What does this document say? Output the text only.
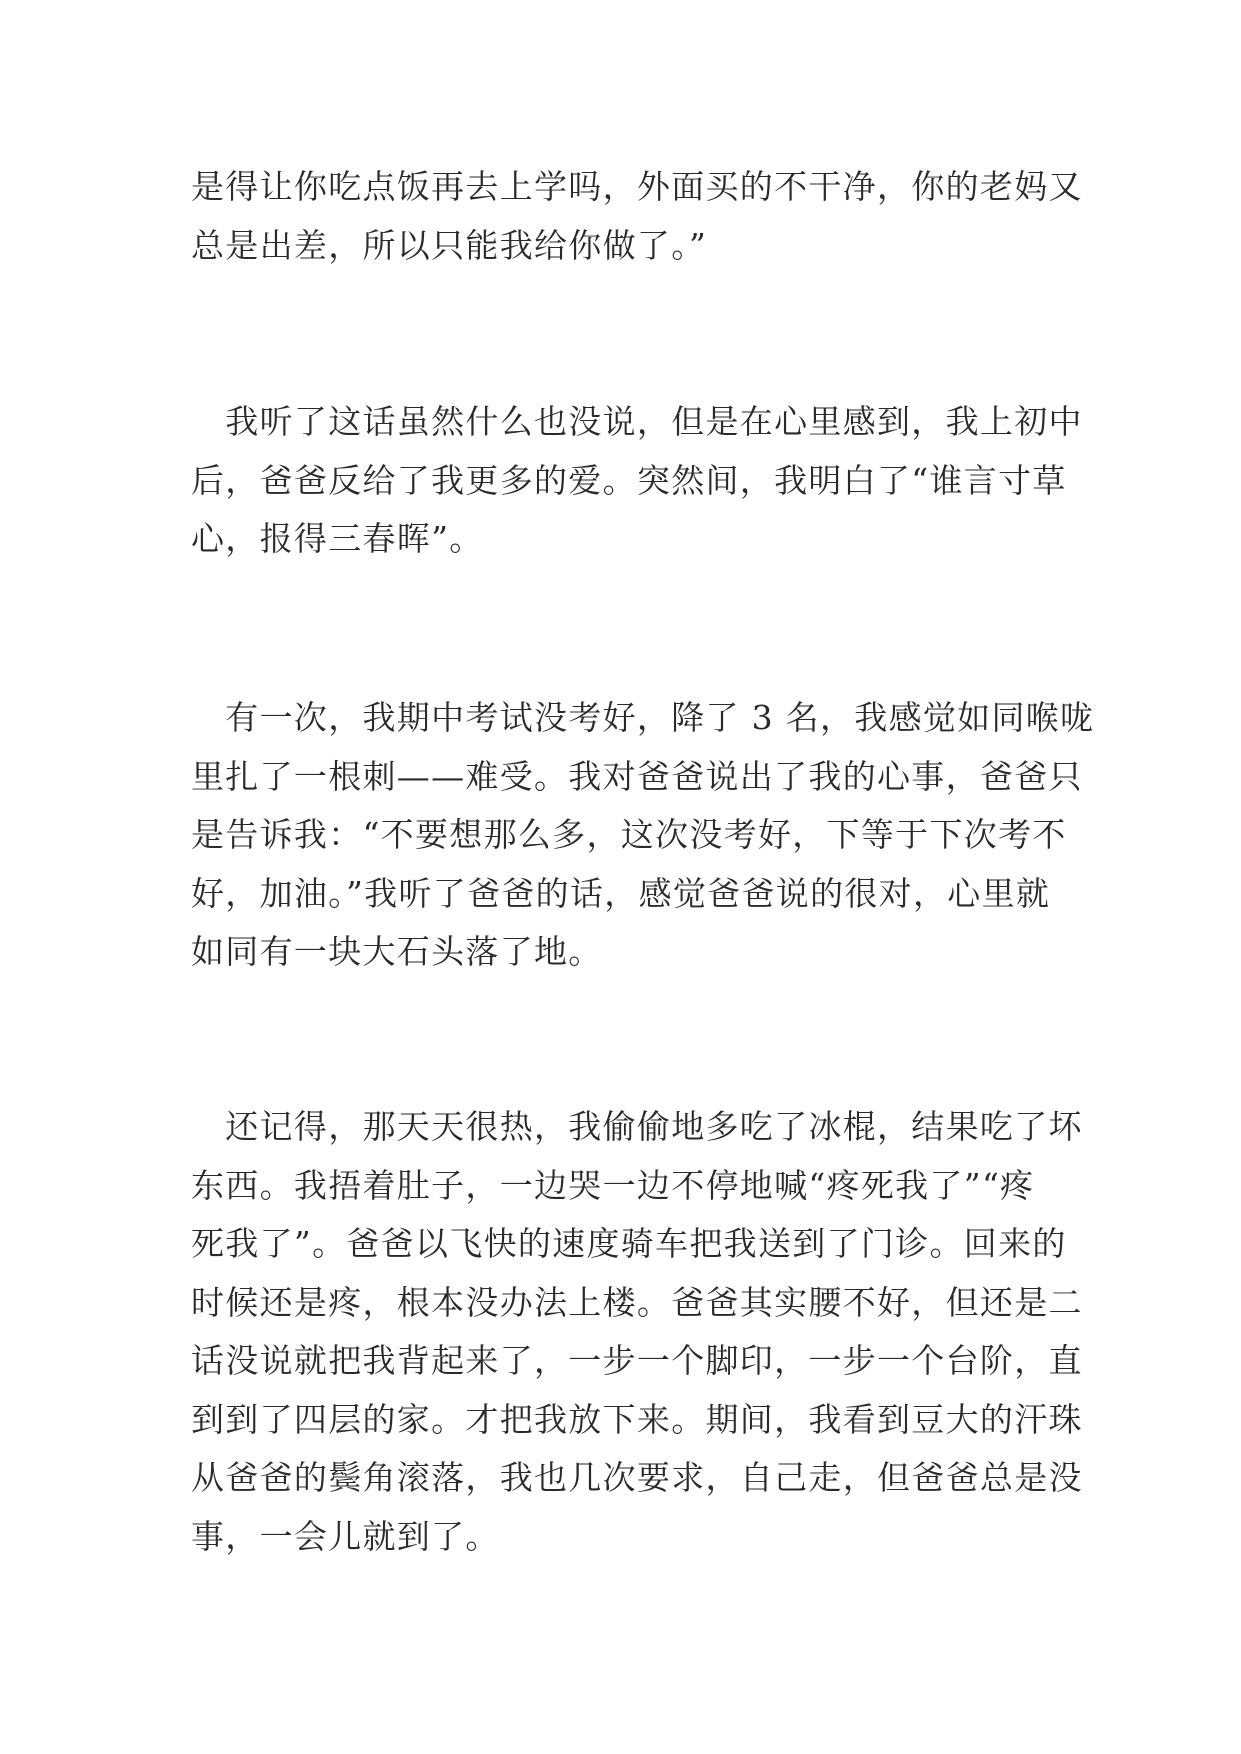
是得让你吃点饭再去上学吗，外面买的不干净，你的老妈又
总是出差，所以只能我给你做了。”

　我听了这话虽然什么也没说，但是在心里感到，我上初中
后，爸爸反给了我更多的爱。突然间，我明白了“谁言寸草
心，报得三春晖”。

　有一次，我期中考试没考好，降了 3 名，我感觉如同喉咙
里扎了一根刺——难受。我对爸爸说出了我的心事，爸爸只
是告诉我：“不要想那么多，这次没考好，下等于下次考不
好，加油。”我听了爸爸的话，感觉爸爸说的很对，心里就
如同有一块大石头落了地。

　还记得，那天天很热，我偷偷地多吃了冰棍，结果吃了坏
东西。我捂着肚子，一边哭一边不停地喊“疼死我了”“疼
死我了”。爸爸以飞快的速度骑车把我送到了门诊。回来的
时候还是疼，根本没办法上楼。爸爸其实腰不好，但还是二
话没说就把我背起来了，一步一个脚印，一步一个台阶，直
到到了四层的家。才把我放下来。期间，我看到豆大的汗珠
从爸爸的鬓角滚落，我也几次要求，自己走，但爸爸总是没
事，一会儿就到了。
